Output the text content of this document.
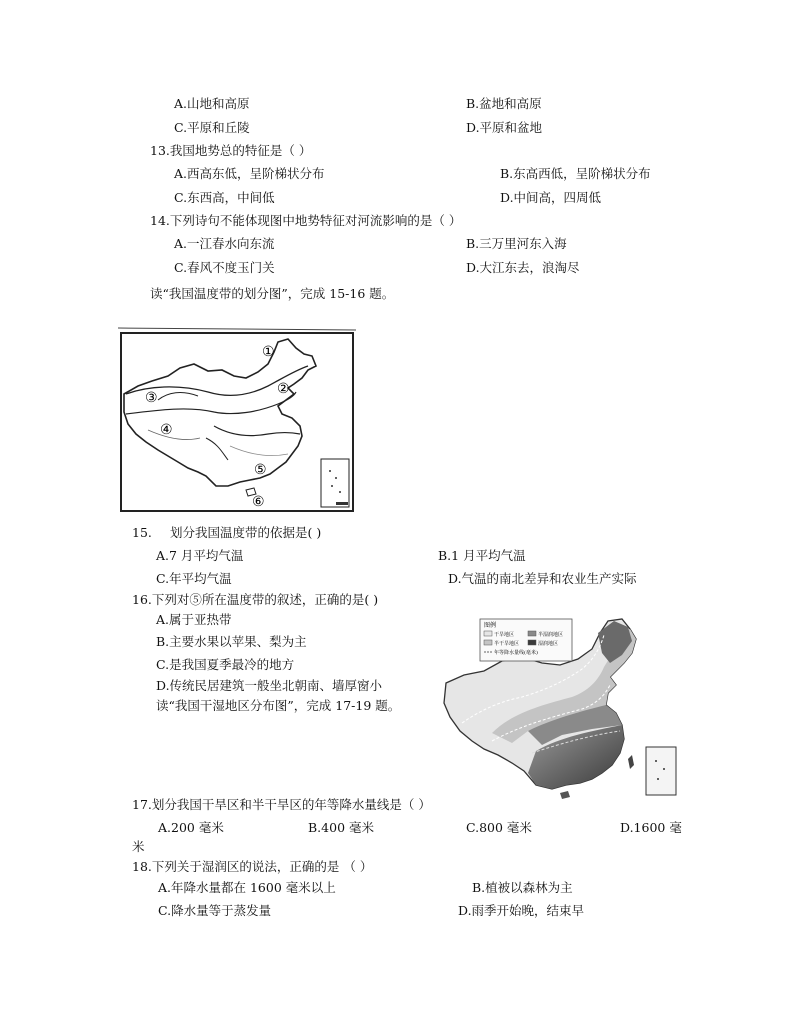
A.山地和高原	B.盆地和高原
C.平原和丘陵	D.平原和盆地
13.我国地势总的特征是（ ）
A.西高东低，呈阶梯状分布	B.东高西低，呈阶梯状分布
C.东西高，中间低	D.中间高，四周低
14.下列诗句不能体现图中地势特征对河流影响的是（ ）
A.一江春水向东流	B.三万里河东入海
C.春风不度玉门关	D.大江东去，浪淘尽
读“我国温度带的划分图”，完成 15-16 题。
①
②
③
④
⑤
⑥
15. 划分我国温度带的依据是( )
A.7 月平均气温	B.1 月平均气温
C.年平均气温	D.气温的南北差异和农业生产实际
16.下列对⑤所在温度带的叙述，正确的是( )
A.属于亚热带
B.主要水果以苹果、梨为主
C.是我国夏季最冷的地方
D.传统民居建筑一般坐北朝南、墙厚窗小
读“我国干湿地区分布图”，完成 17-19 题。
图例
干旱地区	半湿润地区
半干旱地区	湿润地区
年等降水量线(毫米)
17.划分我国干旱区和半干旱区的年等降水量线是（ ）
A.200 毫米	B.400 毫米	C.800 毫米	D.1600 毫
米
18.下列关于湿润区的说法，正确的是 （ ）
A.年降水量都在 1600 毫米以上	B.植被以森林为主
C.降水量等于蒸发量	D.雨季开始晚，结束早
